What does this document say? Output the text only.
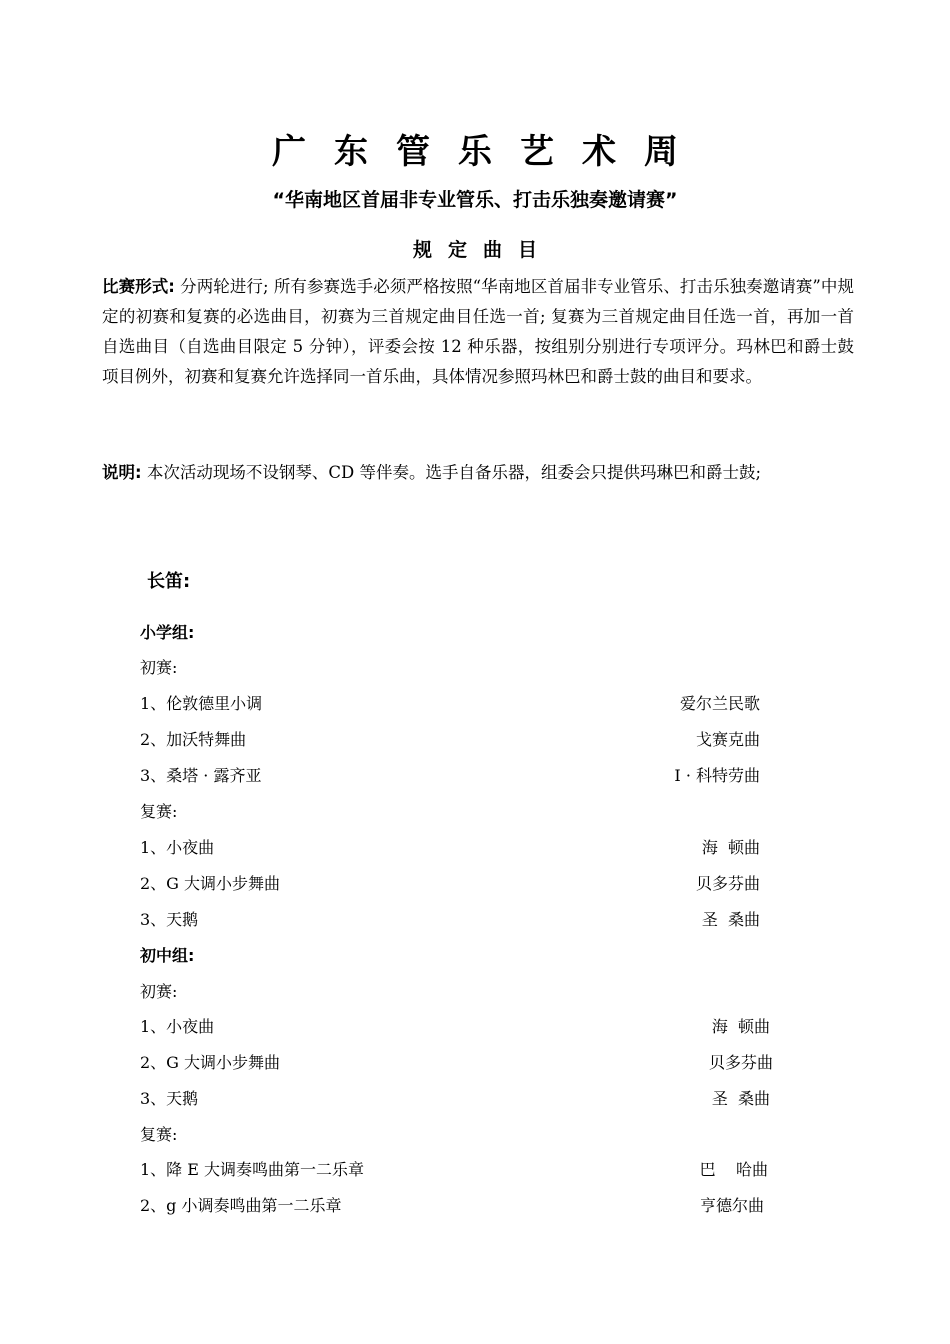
广东管乐艺术周
“华南地区首届非专业管乐、打击乐独奏邀请赛”
规定曲目
比赛形式: 分两轮进行; 所有参赛选手必须严格按照“华南地区首届非专业管乐、打击乐独奏邀请赛”中规定的初赛和复赛的必选曲目，初赛为三首规定曲目任选一首; 复赛为三首规定曲目任选一首，再加一首自选曲目（自选曲目限定 5 分钟），评委会按 12 种乐器，按组别分别进行专项评分。玛林巴和爵士鼓项目例外，初赛和复赛允许选择同一首乐曲，具体情况参照玛林巴和爵士鼓的曲目和要求。
说明: 本次活动现场不设钢琴、CD 等伴奏。选手自备乐器，组委会只提供玛琳巴和爵士鼓;
长笛:
小学组:
初赛:
1、伦敦德里小调	爱尔兰民歌
2、加沃特舞曲	戈赛克曲
3、桑塔 · 露齐亚	I · 科特劳曲
复赛:
1、小夜曲	海  顿曲
2、G 大调小步舞曲	贝多芬曲
3、天鹅	圣  桑曲
初中组:
初赛:
1、小夜曲	海  顿曲
2、G 大调小步舞曲	贝多芬曲
3、天鹅	圣  桑曲
复赛:
1、降 E 大调奏鸣曲第一二乐章	巴    哈曲
2、g 小调奏鸣曲第一二乐章	亨德尔曲
